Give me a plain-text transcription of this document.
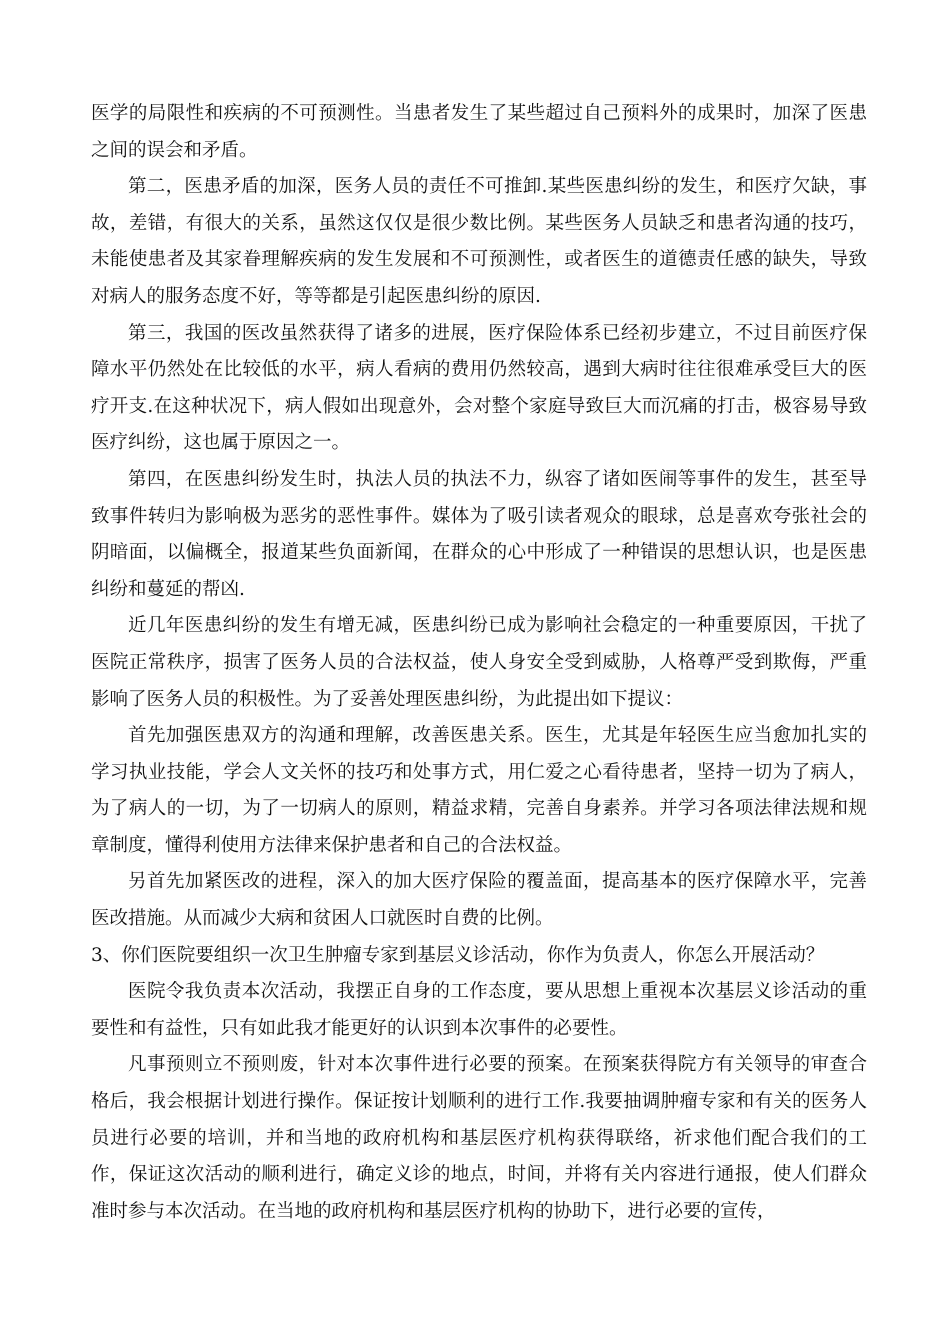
医学的局限性和疾病的不可预测性。当患者发生了某些超过自己预料外的成果时，加深了医患之间的误会和矛盾。

第二，医患矛盾的加深，医务人员的责任不可推卸.某些医患纠纷的发生，和医疗欠缺，事故，差错，有很大的关系，虽然这仅仅是很少数比例。某些医务人员缺乏和患者沟通的技巧，未能使患者及其家眷理解疾病的发生发展和不可预测性，或者医生的道德责任感的缺失，导致对病人的服务态度不好，等等都是引起医患纠纷的原因.

第三，我国的医改虽然获得了诸多的进展，医疗保险体系已经初步建立，不过目前医疗保障水平仍然处在比较低的水平，病人看病的费用仍然较高，遇到大病时往往很难承受巨大的医疗开支.在这种状况下，病人假如出现意外，会对整个家庭导致巨大而沉痛的打击，极容易导致医疗纠纷，这也属于原因之一。

第四，在医患纠纷发生时，执法人员的执法不力，纵容了诸如医闹等事件的发生，甚至导致事件转归为影响极为恶劣的恶性事件。媒体为了吸引读者观众的眼球，总是喜欢夸张社会的阴暗面，以偏概全，报道某些负面新闻，在群众的心中形成了一种错误的思想认识，也是医患纠纷和蔓延的帮凶.

近几年医患纠纷的发生有增无减，医患纠纷已成为影响社会稳定的一种重要原因，干扰了医院正常秩序，损害了医务人员的合法权益，使人身安全受到威胁，人格尊严受到欺侮，严重影响了医务人员的积极性。为了妥善处理医患纠纷，为此提出如下提议：

首先加强医患双方的沟通和理解，改善医患关系。医生，尤其是年轻医生应当愈加扎实的学习执业技能，学会人文关怀的技巧和处事方式，用仁爱之心看待患者，坚持一切为了病人，为了病人的一切，为了一切病人的原则，精益求精，完善自身素养。并学习各项法律法规和规章制度，懂得利使用方法律来保护患者和自己的合法权益。

另首先加紧医改的进程，深入的加大医疗保险的覆盖面，提高基本的医疗保障水平，完善医改措施。从而减少大病和贫困人口就医时自费的比例。

3、你们医院要组织一次卫生肿瘤专家到基层义诊活动，你作为负责人，你怎么开展活动？

医院令我负责本次活动，我摆正自身的工作态度，要从思想上重视本次基层义诊活动的重要性和有益性，只有如此我才能更好的认识到本次事件的必要性。

凡事预则立不预则废，针对本次事件进行必要的预案。在预案获得院方有关领导的审查合格后，我会根据计划进行操作。保证按计划顺利的进行工作.我要抽调肿瘤专家和有关的医务人员进行必要的培训，并和当地的政府机构和基层医疗机构获得联络，祈求他们配合我们的工作，保证这次活动的顺利进行，确定义诊的地点，时间，并将有关内容进行通报，使人们群众准时参与本次活动。在当地的政府机构和基层医疗机构的协助下，进行必要的宣传，
